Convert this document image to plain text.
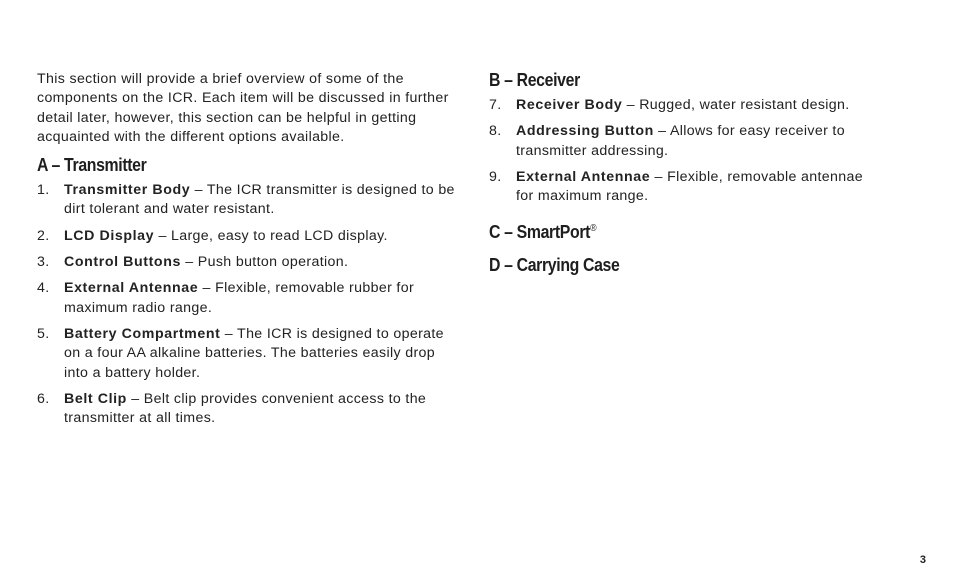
This section will provide a brief overview of some of the components on the ICR. Each item will be discussed in further detail later, however, this section can be helpful in getting acquainted with the different options available.

A – Transmitter
1.	Transmitter Body – The ICR transmitter is designed to be dirt tolerant and water resistant.
2.	LCD Display – Large, easy to read LCD display.
3.	Control Buttons – Push button operation.
4.	External Antennae – Flexible, removable rubber for maximum radio range.
5.	Battery Compartment – The ICR is designed to operate on a four AA alkaline batteries. The batteries easily drop into a battery holder.
6.	Belt Clip – Belt clip provides convenient access to the transmitter at all times.
B – Receiver
7.	Receiver Body – Rugged, water resistant design.
8.	Addressing Button – Allows for easy receiver to transmitter addressing.
9.	External Antennae – Flexible, removable antennae for maximum range.
C – SmartPort®
D – Carrying Case
3
